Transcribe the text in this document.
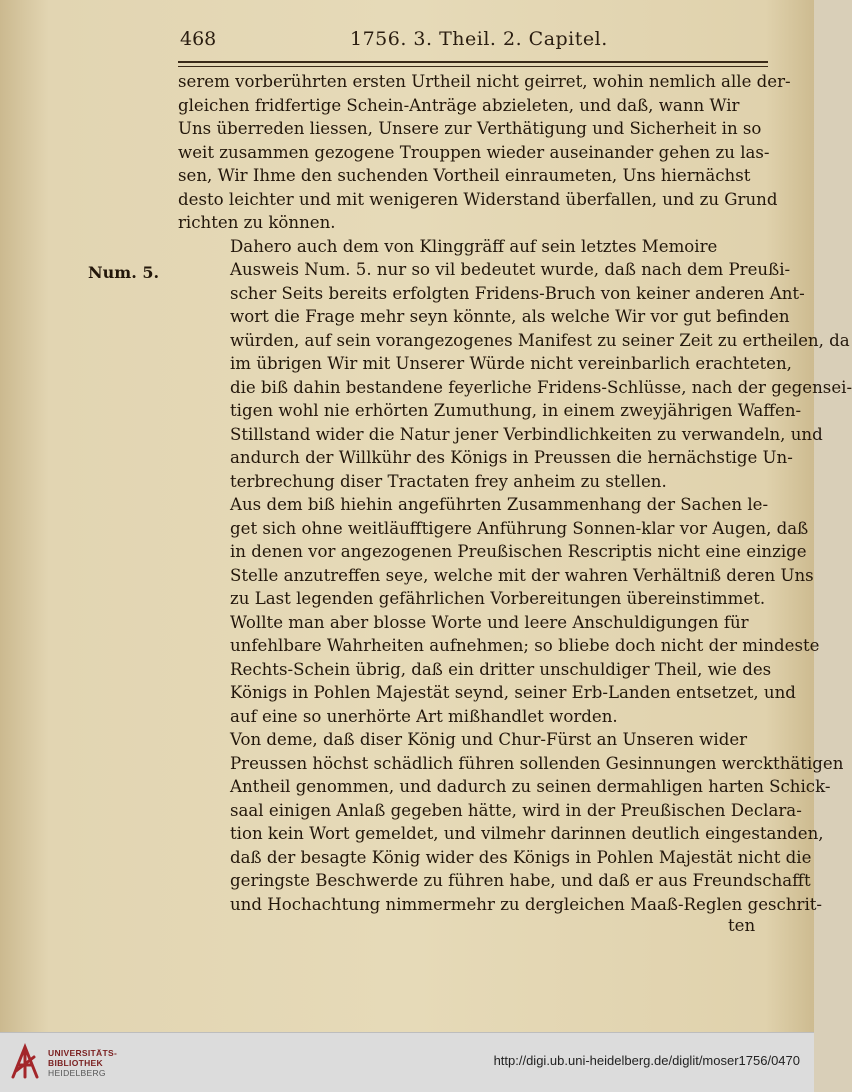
468	1756. 3. Theil. 2. Capitel.
Num. 5.

serem vorberührten ersten Urtheil nicht geirret, wohin nemlich alle der-
gleichen fridfertige Schein-Anträge abzieleten, und daß, wann Wir
Uns überreden liessen, Unsere zur Verthätigung und Sicherheit in so
weit zusammen gezogene Trouppen wieder auseinander gehen zu las-
sen, Wir Ihme den suchenden Vortheil einraumeten, Uns hiernächst
desto leichter und mit wenigeren Widerstand überfallen, und zu Grund
richten zu können.

Dahero auch dem von Klinggräff auf sein letztes Memoire
Ausweis Num. 5. nur so vil bedeutet wurde, daß nach dem Preußi-
scher Seits bereits erfolgten Fridens-Bruch von keiner anderen Ant-
wort die Frage mehr seyn könnte, als welche Wir vor gut befinden
würden, auf sein vorangezogenes Manifest zu seiner Zeit zu ertheilen, da
im übrigen Wir mit Unserer Würde nicht vereinbarlich erachteten,
die biß dahin bestandene feyerliche Fridens-Schlüsse, nach der gegensei-
tigen wohl nie erhörten Zumuthung, in einem zweyjährigen Waffen-
Stillstand wider die Natur jener Verbindlichkeiten zu verwandeln, und
andurch der Willkühr des Königs in Preussen die hernächstige Un-
terbrechung diser Tractaten frey anheim zu stellen.

Aus dem biß hiehin angeführten Zusammenhang der Sachen le-
get sich ohne weitläufftigere Anführung Sonnen-klar vor Augen, daß
in denen vor angezogenen Preußischen Rescriptis nicht eine einzige
Stelle anzutreffen seye, welche mit der wahren Verhältniß deren Uns
zu Last legenden gefährlichen Vorbereitungen übereinstimmet.

Wollte man aber blosse Worte und leere Anschuldigungen für
unfehlbare Wahrheiten aufnehmen; so bliebe doch nicht der mindeste
Rechts-Schein übrig, daß ein dritter unschuldiger Theil, wie des
Königs in Pohlen Majestät seynd, seiner Erb-Landen entsetzet, und
auf eine so unerhörte Art mißhandlet worden.

Von deme, daß diser König und Chur-Fürst an Unseren wider
Preussen höchst schädlich führen sollenden Gesinnungen werckthätigen
Antheil genommen, und dadurch zu seinen dermahligen harten Schick-
saal einigen Anlaß gegeben hätte, wird in der Preußischen Declara-
tion kein Wort gemeldet, und vilmehr darinnen deutlich eingestanden,
daß der besagte König wider des Königs in Pohlen Majestät nicht die
geringste Beschwerde zu führen habe, und daß er aus Freundschafft
und Hochachtung nimmermehr zu dergleichen Maaß-Reglen geschrit-

ten
UNIVERSITÄTS-
BIBLIOTHEK
HEIDELBERG
http://digi.ub.uni-heidelberg.de/diglit/moser1756/0470
